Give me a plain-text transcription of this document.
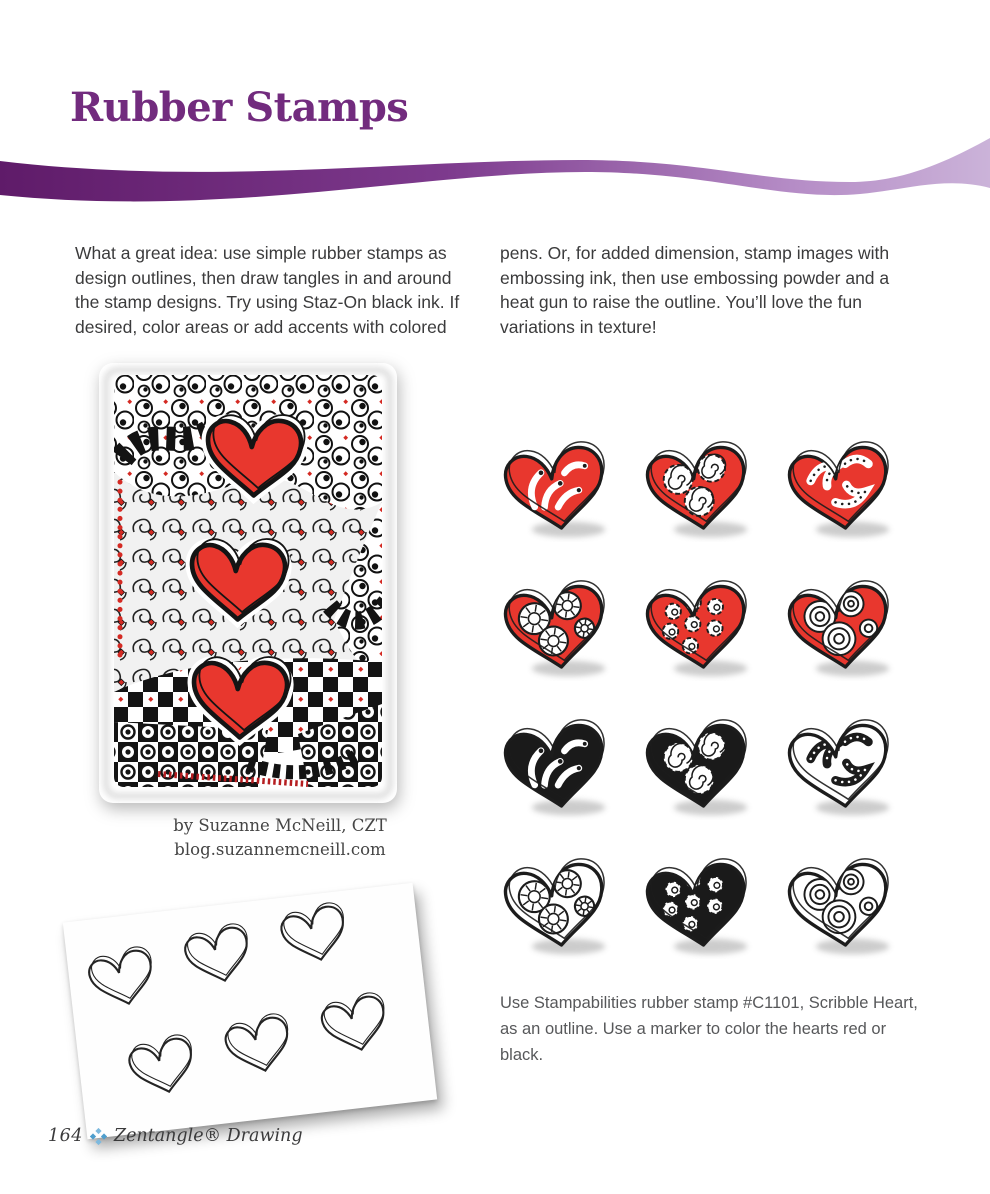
Rubber Stamps
What a great idea: use simple rubber stamps as design outlines, then draw tangles in and around the stamp designs. Try using Staz-On black ink. If desired, color areas or add accents with colored
pens. Or, for added dimension, stamp images with embossing ink, then use embossing powder and a heat gun to raise the outline. You’ll love the fun variations in texture!
by Suzanne McNeill, CZT
blog.suzannemcneill.com
Use Stampabilities rubber stamp #C1101, Scribble Heart,
as an outline. Use a marker to color the hearts red or black.
164 Zentangle® Drawing
